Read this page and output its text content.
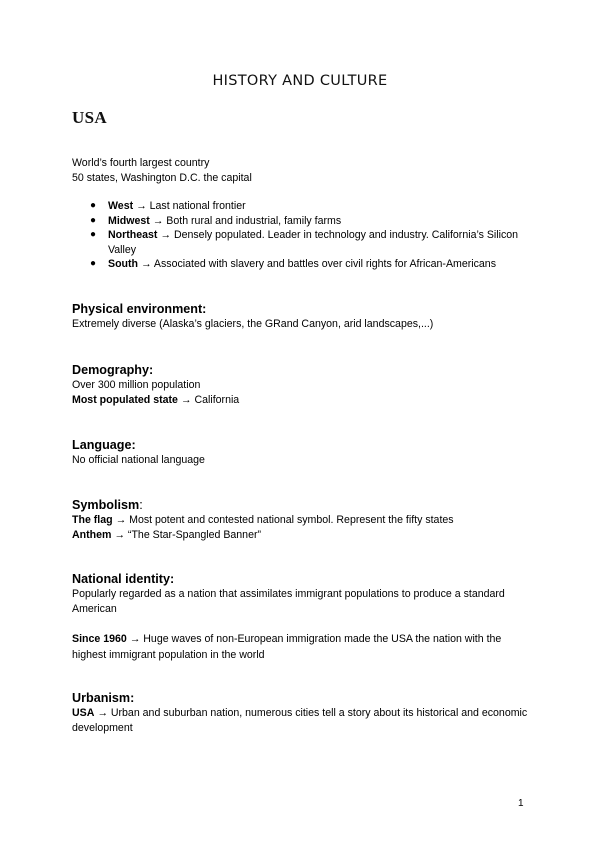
HISTORY AND CULTURE
USA
World’s fourth largest country
50 states, Washington D.C. the capital
● West → Last national frontier
● Midwest → Both rural and industrial, family farms
● Northeast → Densely populated. Leader in technology and industry. California’s Silicon Valley
● South → Associated with slavery and battles over civil rights for African-Americans
Physical environment:
Extremely diverse (Alaska’s glaciers, the GRand Canyon, arid landscapes,...)
Demography:
Over 300 million population
Most populated state → California
Language:
No official national language
Symbolism:
The flag → Most potent and contested national symbol. Represent the fifty states
Anthem → “The Star-Spangled Banner”
National identity:
Popularly regarded as a nation that assimilates immigrant populations to produce a standard American
Since 1960 → Huge waves of non-European immigration made the USA the nation with the highest immigrant population in the world
Urbanism:
USA → Urban and suburban nation, numerous cities tell a story about its historical and economic development
1
